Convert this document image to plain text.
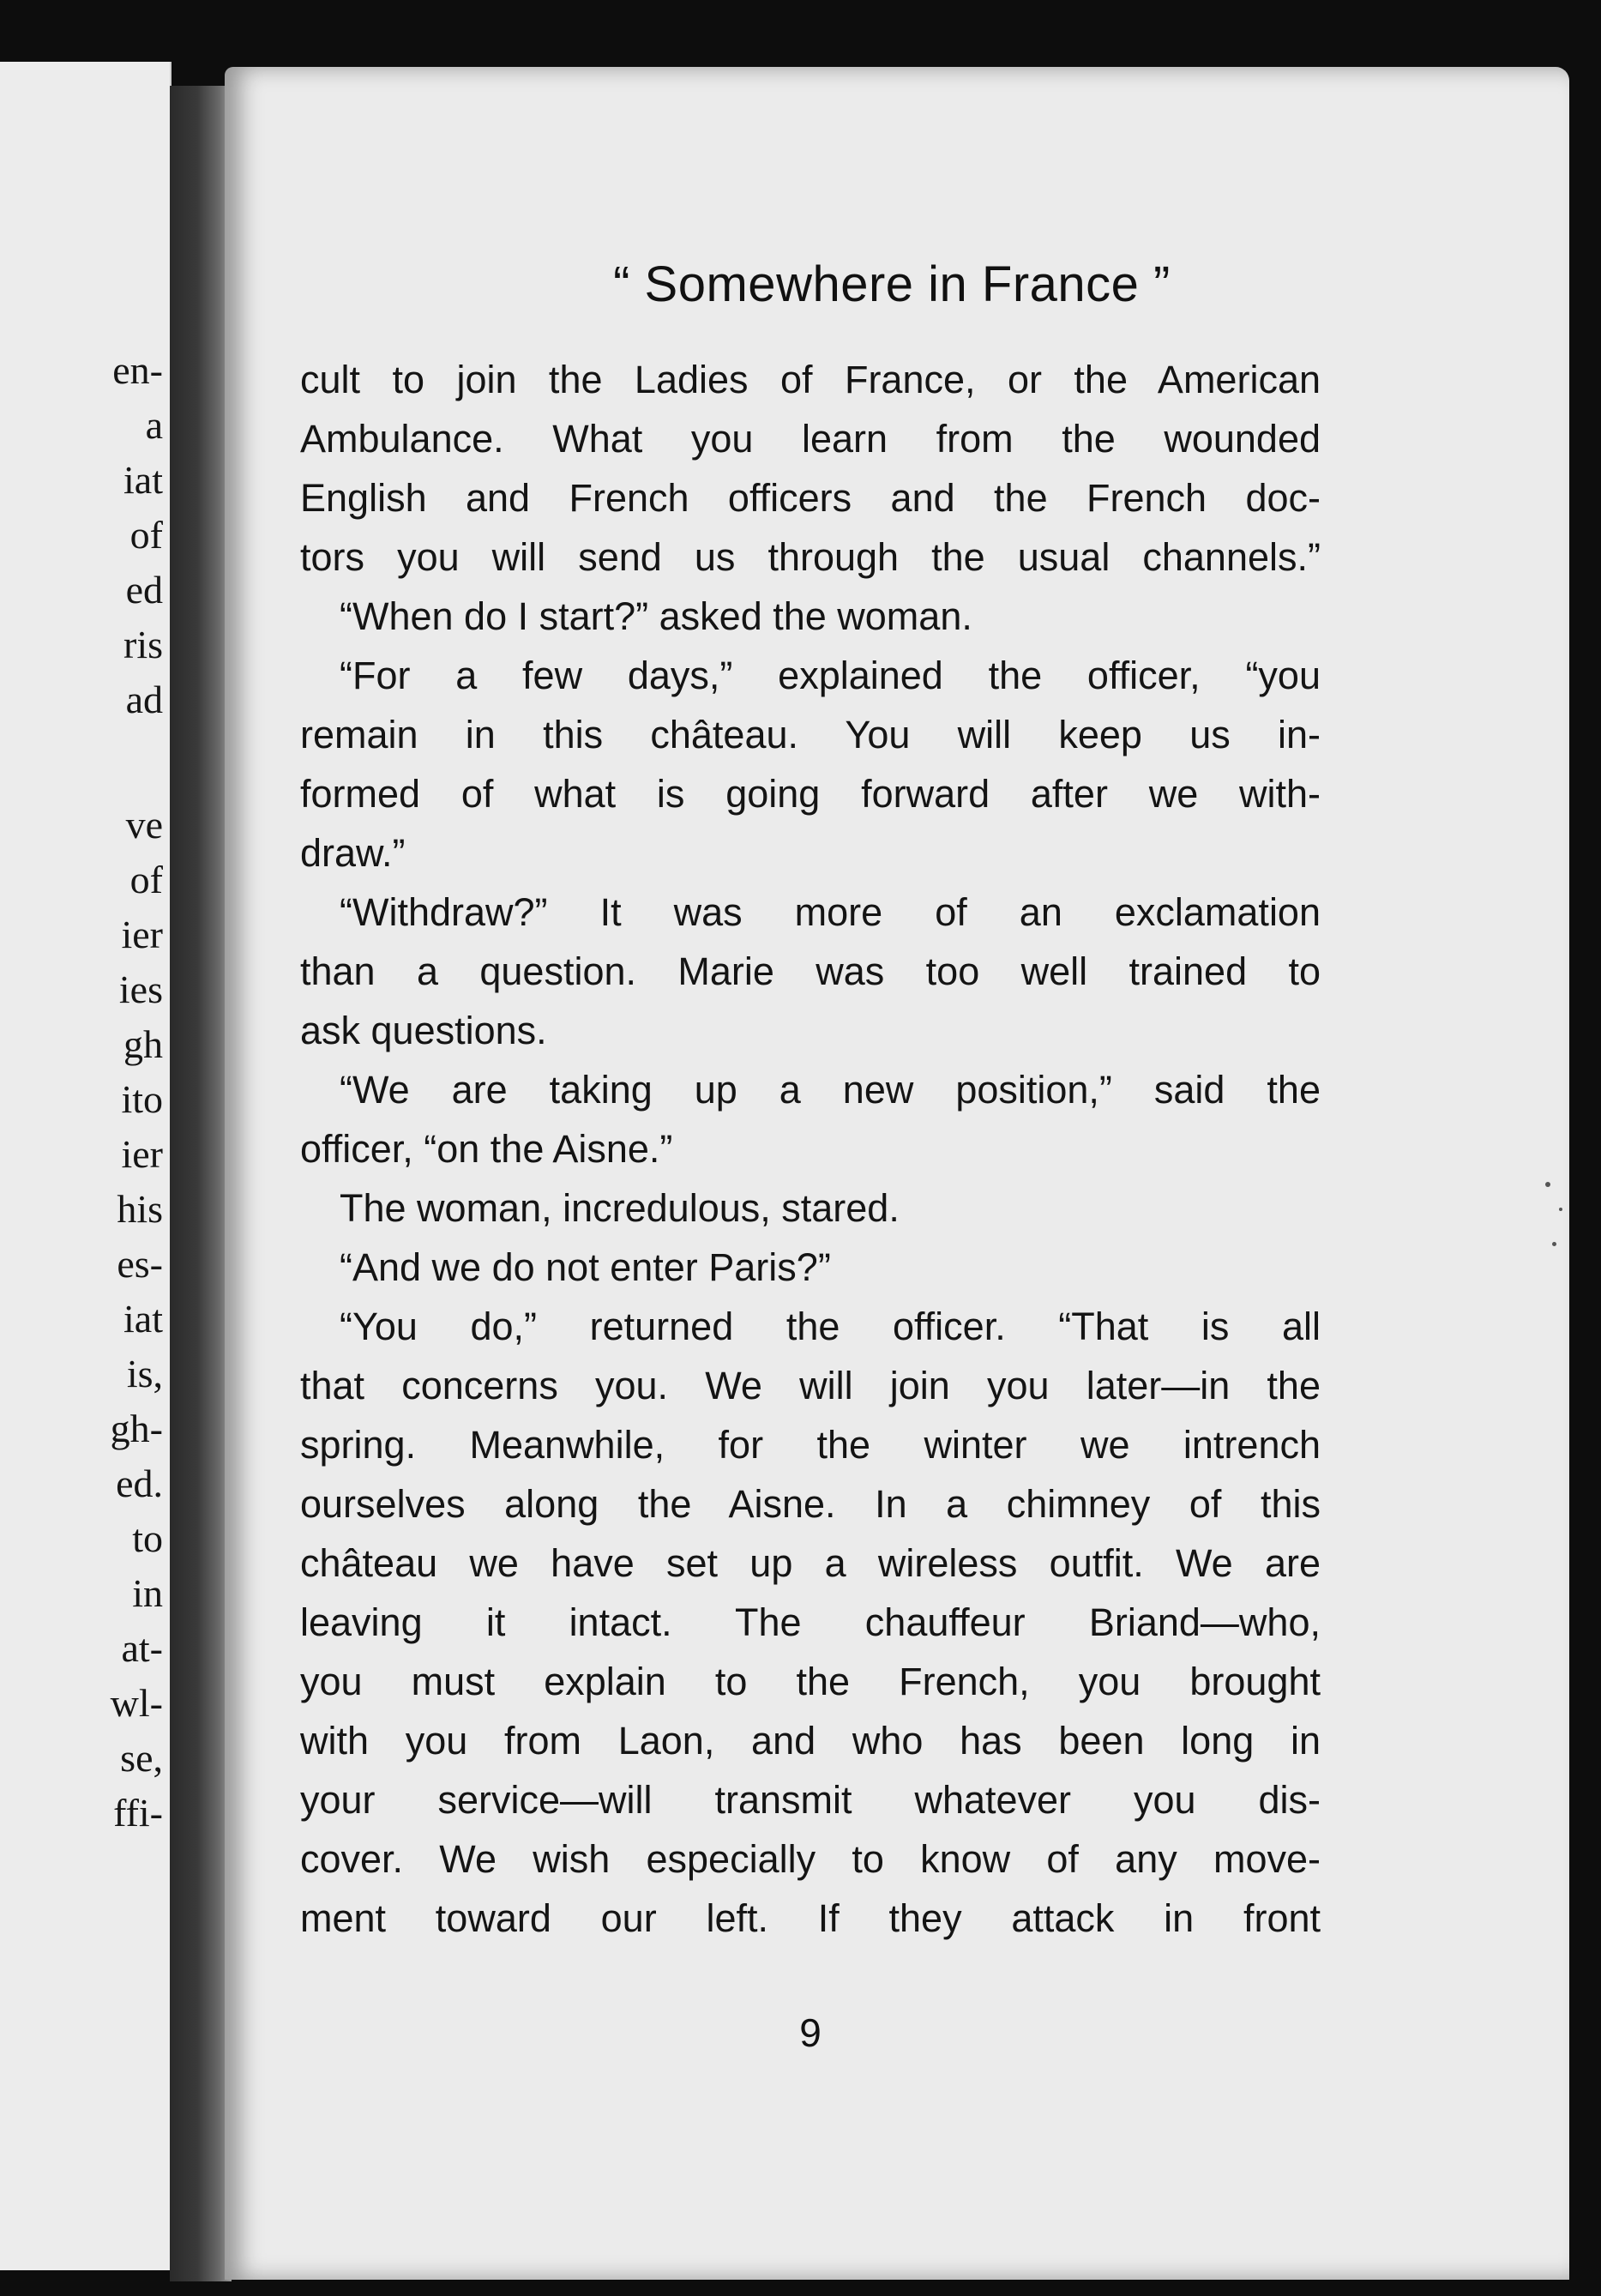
en-
a
iat
of
ed
ris
ad
ve
of
ier
ies
gh
ito
ier
his
es-
iat
is,
gh-
ed.
to
in
at-
wl-
se,
ffi-
“ Somewhere in France ”
cult to join the Ladies of France, or the American
Ambulance. What you learn from the wounded
English and French officers and the French doc-
tors you will send us through the usual channels.”
“When do I start?” asked the woman.
“For a few days,” explained the officer, “you
remain in this château. You will keep us in-
formed of what is going forward after we with-
draw.”
“Withdraw?” It was more of an exclamation
than a question. Marie was too well trained to
ask questions.
“We are taking up a new position,” said the
officer, “on the Aisne.”
The woman, incredulous, stared.
“And we do not enter Paris?”
“You do,” returned the officer. “That is all
that concerns you. We will join you later—in the
spring. Meanwhile, for the winter we intrench
ourselves along the Aisne. In a chimney of this
château we have set up a wireless outfit. We are
leaving it intact. The chauffeur Briand—who,
you must explain to the French, you brought
with you from Laon, and who has been long in
your service—will transmit whatever you dis-
cover. We wish especially to know of any move-
ment toward our left. If they attack in front

9
